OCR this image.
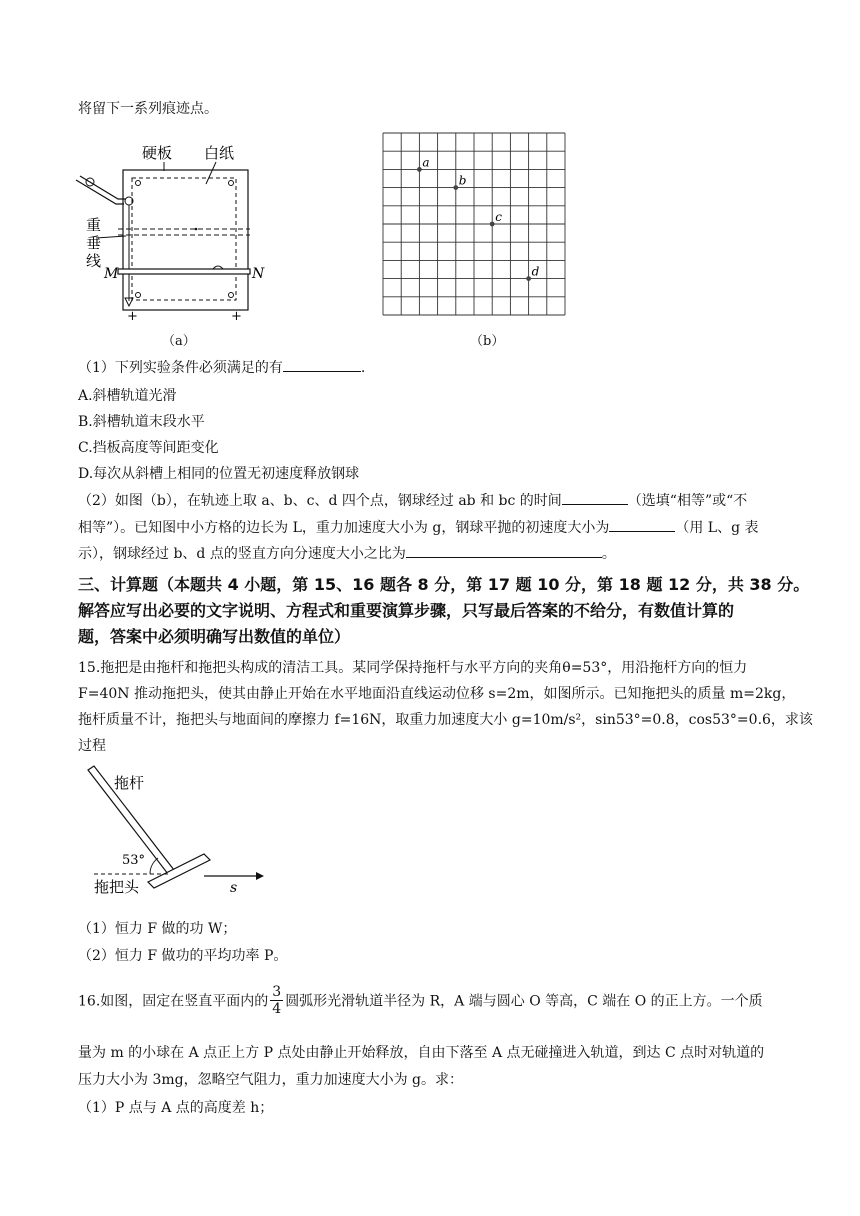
将留下一系列痕迹点。
+	+
硬板 白纸
重
垂
线
M	N
（a）
a
b
c
d
（b）
（1）下列实验条件必须满足的有	.
A.斜槽轨道光滑
B.斜槽轨道末段水平
C.挡板高度等间距变化
D.每次从斜槽上相同的位置无初速度释放钢球
（2）如图（b），在轨迹上取 a、b、c、d 四个点，钢球经过 ab 和 bc 的时间	（选填“相等”或“不
相等”）。已知图中小方格的边长为 L，重力加速度大小为 g，钢球平抛的初速度大小为	（用 L、g 表
示），钢球经过 b、d 点的竖直方向分速度大小之比为	。
三、计算题（本题共 4 小题，第 15、16 题各 8 分，第 17 题 10 分，第 18 题 12 分，共 38 分。
解答应写出必要的文字说明、方程式和重要演算步骤，只写最后答案的不给分，有数值计算的
题，答案中必须明确写出数值的单位）
15.拖把是由拖杆和拖把头构成的清洁工具。某同学保持拖杆与水平方向的夹角θ=53°，用沿拖杆方向的恒力
F=40N 推动拖把头，使其由静止开始在水平地面沿直线运动位移 s=2m，如图所示。已知拖把头的质量 m=2kg，
拖杆质量不计，拖把头与地面间的摩擦力 f=16N，取重力加速度大小 g=10m/s²，sin53°=0.8，cos53°=0.6，求该
过程
拖杆
53°
拖把头	s
（1）恒力 F 做的功 W；
（2）恒力 F 做功的平均功率 P。
16.如图，固定在竖直平面内的 $\frac{3}{4}$ 圆弧形光滑轨道半径为 R，A 端与圆心 O 等高，C 端在 O 的正上方。一个质
量为 m 的小球在 A 点正上方 P 点处由静止开始释放，自由下落至 A 点无碰撞进入轨道，到达 C 点时对轨道的
压力大小为 3mg，忽略空气阻力，重力加速度大小为 g。求：
（1）P 点与 A 点的高度差 h；
